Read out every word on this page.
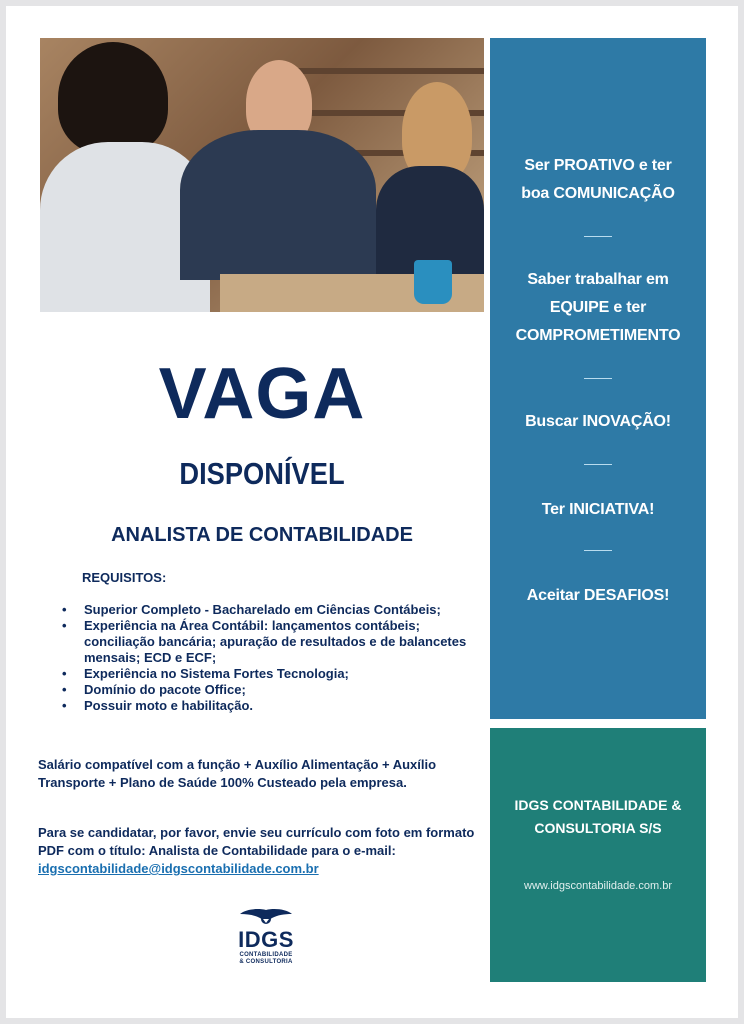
Ser PROATIVO e ter
boa COMUNICAÇÃO
Saber trabalhar em
EQUIPE e ter
COMPROMETIMENTO
Buscar INOVAÇÃO!
Ter INICIATIVA!
Aceitar DESAFIOS!
IDGS CONTABILIDADE &
CONSULTORIA S/S
www.idgscontabilidade.com.br
VAGA
DISPONÍVEL
ANALISTA DE CONTABILIDADE
REQUISITOS:
• Superior Completo - Bacharelado em Ciências Contábeis;
• Experiência na Área Contábil: lançamentos contábeis; conciliação bancária; apuração de resultados e de balancetes mensais; ECD e ECF;
• Experiência no Sistema Fortes Tecnologia;
• Domínio do pacote Office;
• Possuir moto e habilitação.
Salário compatível com a função + Auxílio Alimentação + Auxílio Transporte + Plano de Saúde 100% Custeado pela empresa.
Para se candidatar, por favor, envie seu currículo com foto em formato PDF com o título: Analista de Contabilidade para o e-mail: idgscontabilidade@idgscontabilidade.com.br
IDGS
CONTABILIDADE
& CONSULTORIA
